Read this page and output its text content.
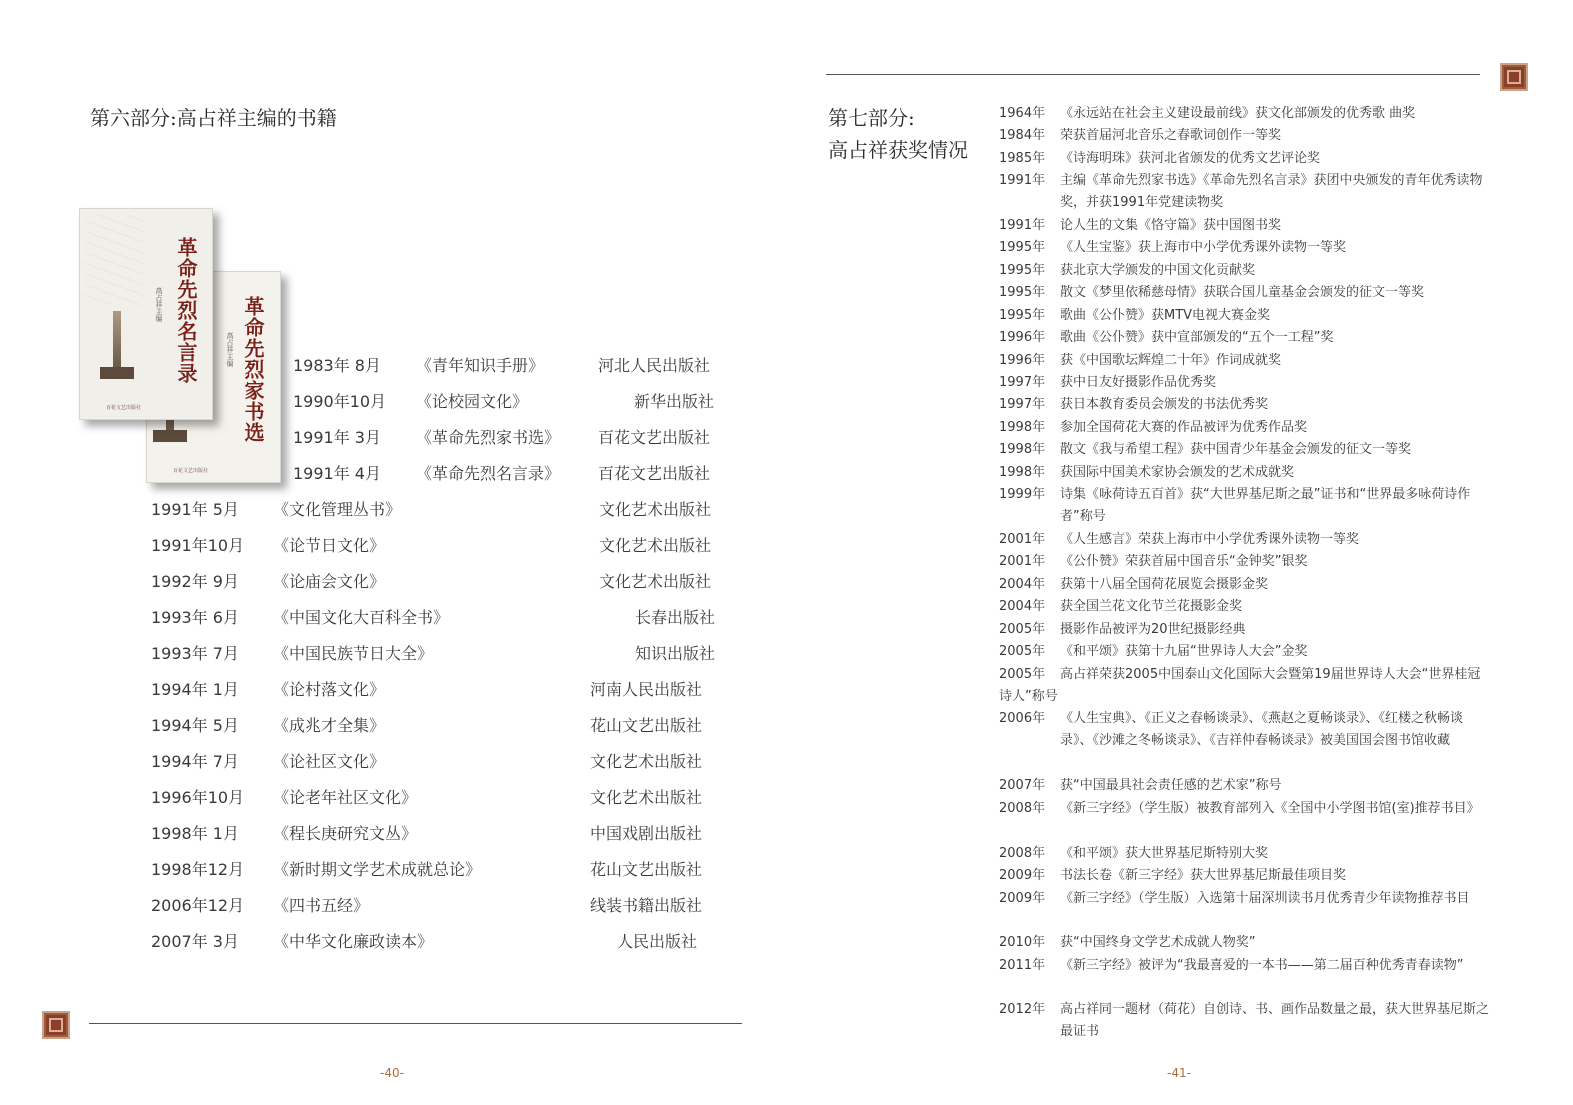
第六部分:高占祥主编的书籍
革命先烈名言录
高占祥主编
百花文艺出版社	革命先烈家书选
高占祥主编
百花文艺出版社
1983年 8月 《青年知识手册》	河北人民出版社
1990年10月 《论校园文化》	新华出版社
1991年 3月 《革命先烈家书选》 百花文艺出版社
1991年 4月 《革命先烈名言录》 百花文艺出版社
1991年 5月 《文化管理丛书》	文化艺术出版社
1991年10月 《论节日文化》	文化艺术出版社
1992年 9月 《论庙会文化》	文化艺术出版社
1993年 6月 《中国文化大百科全书》	长春出版社
1993年 7月 《中国民族节日大全》	知识出版社
1994年 1月 《论村落文化》	河南人民出版社
1994年 5月 《成兆才全集》	花山文艺出版社
1994年 7月 《论社区文化》	文化艺术出版社
1996年10月 《论老年社区文化》	文化艺术出版社
1998年 1月 《程长庚研究文丛》	中国戏剧出版社
1998年12月 《新时期文学艺术成就总论》	花山文艺出版社
2006年12月 《四书五经》	线装书籍出版社
2007年 3月 《中华文化廉政读本》	人民出版社
-40-
第七部分:
高占祥获奖情况
1964年 《永远站在社会主义建设最前线》获文化部颁发的优秀歌 曲奖
1984年 荣获首届河北音乐之春歌词创作一等奖
1985年 《诗海明珠》获河北省颁发的优秀文艺评论奖
1991年 主编《革命先烈家书选》《革命先烈名言录》获团中央颁发的青年优秀读物奖，并获1991年党建读物奖
1991年 论人生的文集《恪守篇》获中国图书奖
1995年 《人生宝鉴》获上海市中小学优秀课外读物一等奖
1995年 获北京大学颁发的中国文化贡献奖
1995年 散文《梦里依稀慈母情》获联合国儿童基金会颁发的征文一等奖
1995年 歌曲《公仆赞》获MTV电视大赛金奖
1996年 歌曲《公仆赞》获中宣部颁发的“五个一工程”奖
1996年 获《中国歌坛辉煌二十年》作词成就奖
1997年 获中日友好摄影作品优秀奖
1997年 获日本教育委员会颁发的书法优秀奖
1998年 参加全国荷花大赛的作品被评为优秀作品奖
1998年 散文《我与希望工程》获中国青少年基金会颁发的征文一等奖
1998年 获国际中国美术家协会颁发的艺术成就奖
1999年 诗集《咏荷诗五百首》获“大世界基尼斯之最”证书和“世界最多咏荷诗作者”称号
2001年 《人生感言》荣获上海市中小学优秀课外读物一等奖
2001年 《公仆赞》荣获首届中国音乐“金钟奖”银奖
2004年 获第十八届全国荷花展览会摄影金奖
2004年 获全国兰花文化节兰花摄影金奖
2005年 摄影作品被评为20世纪摄影经典
2005年 《和平颂》获第十九届“世界诗人大会”金奖
2005年	高占祥荣获2005中国泰山文化国际大会暨第19届世界诗人大会“世界桂冠诗人”称号
2006年 《人生宝典》、《正义之春畅谈录》、《燕赵之夏畅谈录》、《红楼之秋畅谈录》、《沙滩之冬畅谈录》、《吉祥仲春畅谈录》被美国国会图书馆收藏
2007年 获“中国最具社会责任感的艺术家”称号
2008年 《新三字经》（学生版）被教育部列入《全国中小学图书馆(室)推荐书目》
2008年 《和平颂》获大世界基尼斯特别大奖
2009年 书法长卷《新三字经》获大世界基尼斯最佳项目奖
2009年 《新三字经》（学生版）入选第十届深圳读书月优秀青少年读物推荐书目
2010年 获“中国终身文学艺术成就人物奖”
2011年 《新三字经》被评为“我最喜爱的一本书——第二届百种优秀青春读物”
2012年 高占祥同一题材（荷花）自创诗、书、画作品数量之最，获大世界基尼斯之最证书
-41-
